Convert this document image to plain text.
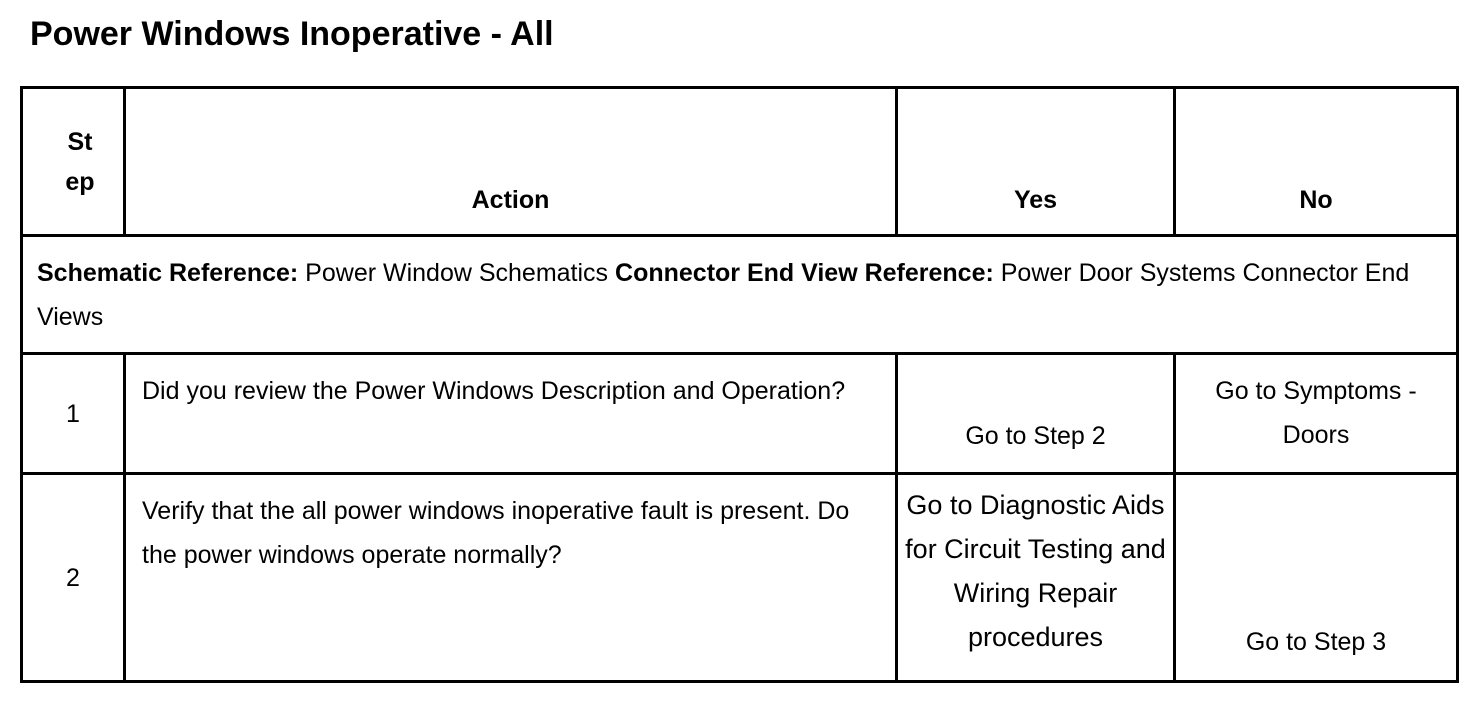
Power Windows Inoperative - All
St
ep	Action	Yes	No
Schematic Reference: Power Window Schematics Connector End View Reference: Power Door Systems Connector End Views			
1	Did you review the Power Windows Description and Operation?	Go to Step 2	Go to Symptoms - Doors
2	Verify that the all power windows inoperative fault is present. Do the power windows operate normally?	Go to Diagnostic Aids for Circuit Testing and Wiring Repair procedures	Go to Step 3
